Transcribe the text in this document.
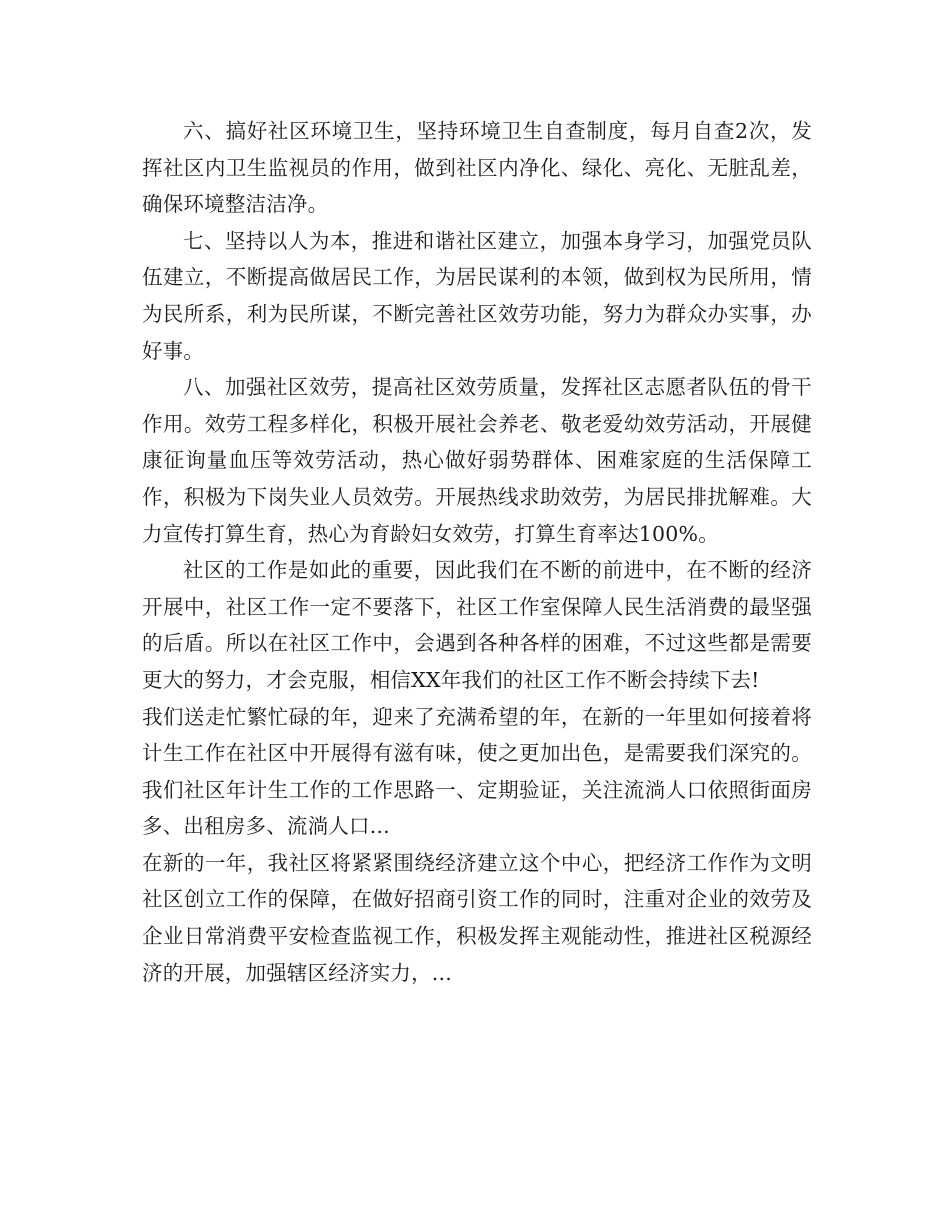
六、搞好社区环境卫生，坚持环境卫生自查制度，每月自查2次，发挥社区内卫生监视员的作用，做到社区内净化、绿化、亮化、无脏乱差，确保环境整洁洁净。

七、坚持以人为本，推进和谐社区建立，加强本身学习，加强党员队伍建立，不断提高做居民工作，为居民谋利的本领，做到权为民所用，情为民所系，利为民所谋，不断完善社区效劳功能，努力为群众办实事，办好事。

八、加强社区效劳，提高社区效劳质量，发挥社区志愿者队伍的骨干作用。效劳工程多样化，积极开展社会养老、敬老爱幼效劳活动，开展健康征询量血压等效劳活动，热心做好弱势群体、困难家庭的生活保障工作，积极为下岗失业人员效劳。开展热线求助效劳，为居民排扰解难。大力宣传打算生育，热心为育龄妇女效劳，打算生育率达100%。

社区的工作是如此的重要，因此我们在不断的前进中，在不断的经济开展中，社区工作一定不要落下，社区工作室保障人民生活消费的最坚强的后盾。所以在社区工作中，会遇到各种各样的困难，不过这些都是需要更大的努力，才会克服，相信XX年我们的社区工作不断会持续下去!

我们送走忙繁忙碌的年，迎来了充满希望的年，在新的一年里如何接着将计生工作在社区中开展得有滋有味，使之更加出色，是需要我们深究的。我们社区年计生工作的工作思路一、定期验证，关注流淌人口依照街面房多、出租房多、流淌人口...

在新的一年，我社区将紧紧围绕经济建立这个中心，把经济工作作为文明社区创立工作的保障，在做好招商引资工作的同时，注重对企业的效劳及企业日常消费平安检查监视工作，积极发挥主观能动性，推进社区税源经济的开展，加强辖区经济实力，...
